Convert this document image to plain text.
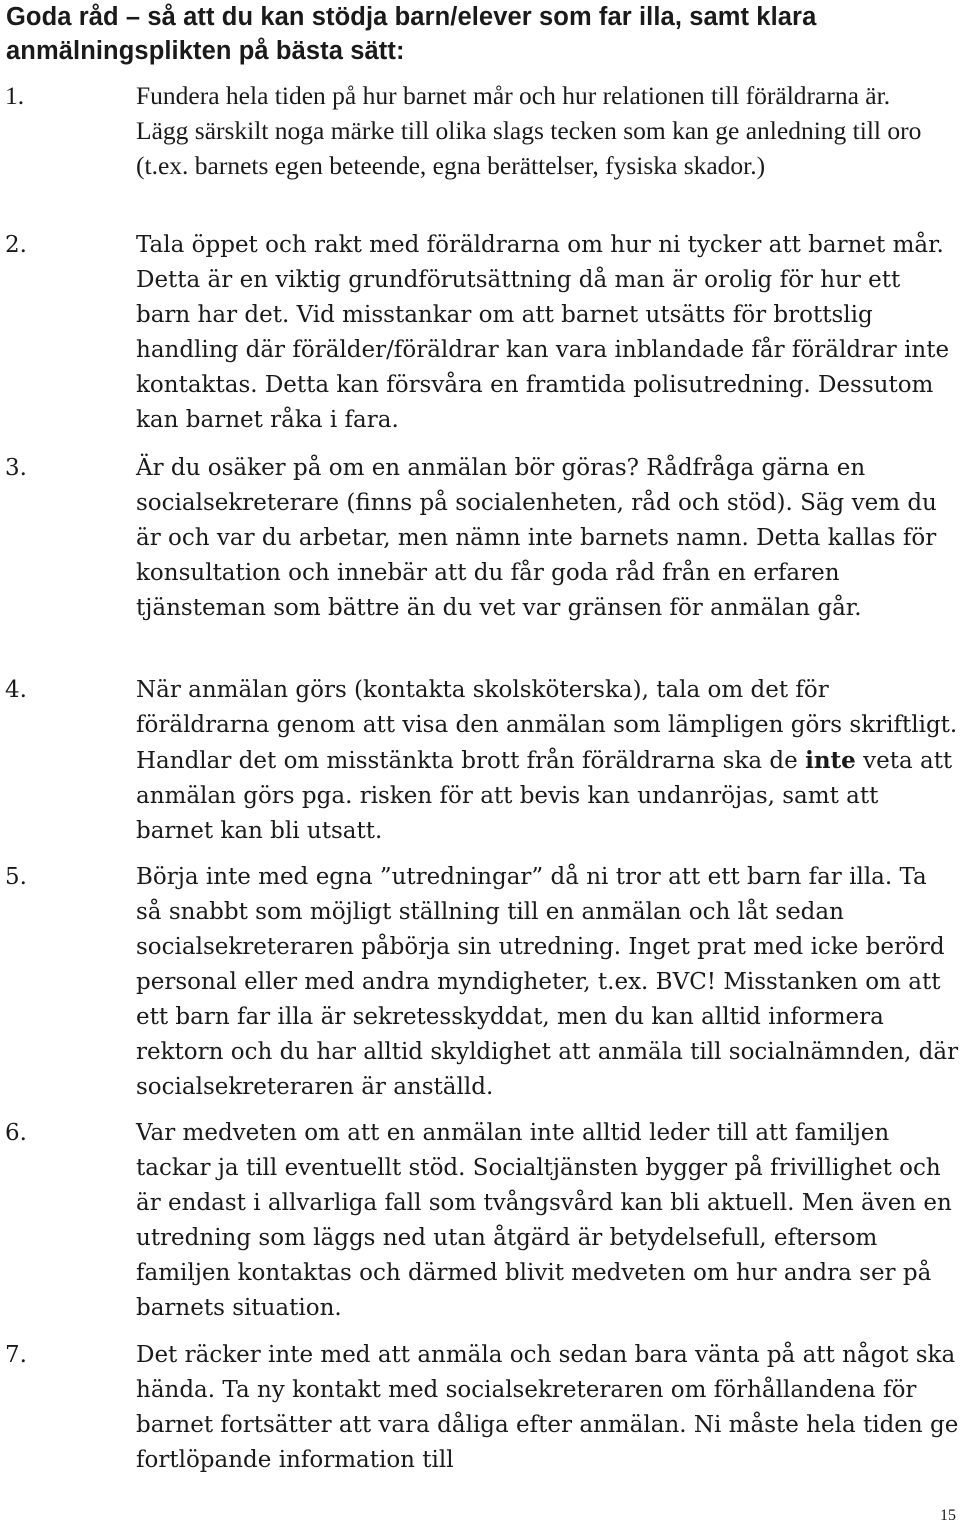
Goda råd – så att du kan stödja barn/elever som far illa, samt klara anmälningsplikten på bästa sätt:
1.	Fundera hela tiden på hur barnet mår och hur relationen till föräldrarna är. Lägg särskilt noga märke till olika slags tecken som kan ge anledning till oro (t.ex. barnets egen beteende, egna berättelser, fysiska skador.)

2.	Tala öppet och rakt med föräldrarna om hur ni tycker att barnet mår. Detta är en viktig grundförutsättning då man är orolig för hur ett barn har det. Vid misstankar om att barnet utsätts för brottslig handling där förälder/föräldrar kan vara inblandade får föräldrar inte kontaktas. Detta kan försvåra en framtida polisutredning. Dessutom kan barnet råka i fara.

3.	Är du osäker på om en anmälan bör göras? Rådfråga gärna en socialsekreterare (finns på socialenheten, råd och stöd). Säg vem du är och var du arbetar, men nämn inte barnets namn. Detta kallas för konsultation och innebär att du får goda råd från en erfaren tjänsteman som bättre än du vet var gränsen för anmälan går.

4.	När anmälan görs (kontakta skolsköterska), tala om det för föräldrarna genom att visa den anmälan som lämpligen görs skriftligt. Handlar det om misstänkta brott från föräldrarna ska de inte veta att anmälan görs pga. risken för att bevis kan undanröjas, samt att barnet kan bli utsatt.

5.	Börja inte med egna ”utredningar” då ni tror att ett barn far illa. Ta så snabbt som möjligt ställning till en anmälan och låt sedan socialsekreteraren påbörja sin utredning. Inget prat med icke berörd personal eller med andra myndigheter, t.ex. BVC! Misstanken om att ett barn far illa är sekretesskyddat, men du kan alltid informera rektorn och du har alltid skyldighet att anmäla till socialnämnden, där socialsekreteraren är anställd.

6.	Var medveten om att en anmälan inte alltid leder till att familjen tackar ja till eventuellt stöd. Socialtjänsten bygger på frivillighet och är endast i allvarliga fall som tvångsvård kan bli aktuell. Men även en utredning som läggs ned utan åtgärd är betydelsefull, eftersom familjen kontaktas och därmed blivit medveten om hur andra ser på barnets situation.

7.	Det räcker inte med att anmäla och sedan bara vänta på att något ska hända. Ta ny kontakt med socialsekreteraren om förhållandena för barnet fortsätter att vara dåliga efter anmälan. Ni måste hela tiden ge fortlöpande information till

15
